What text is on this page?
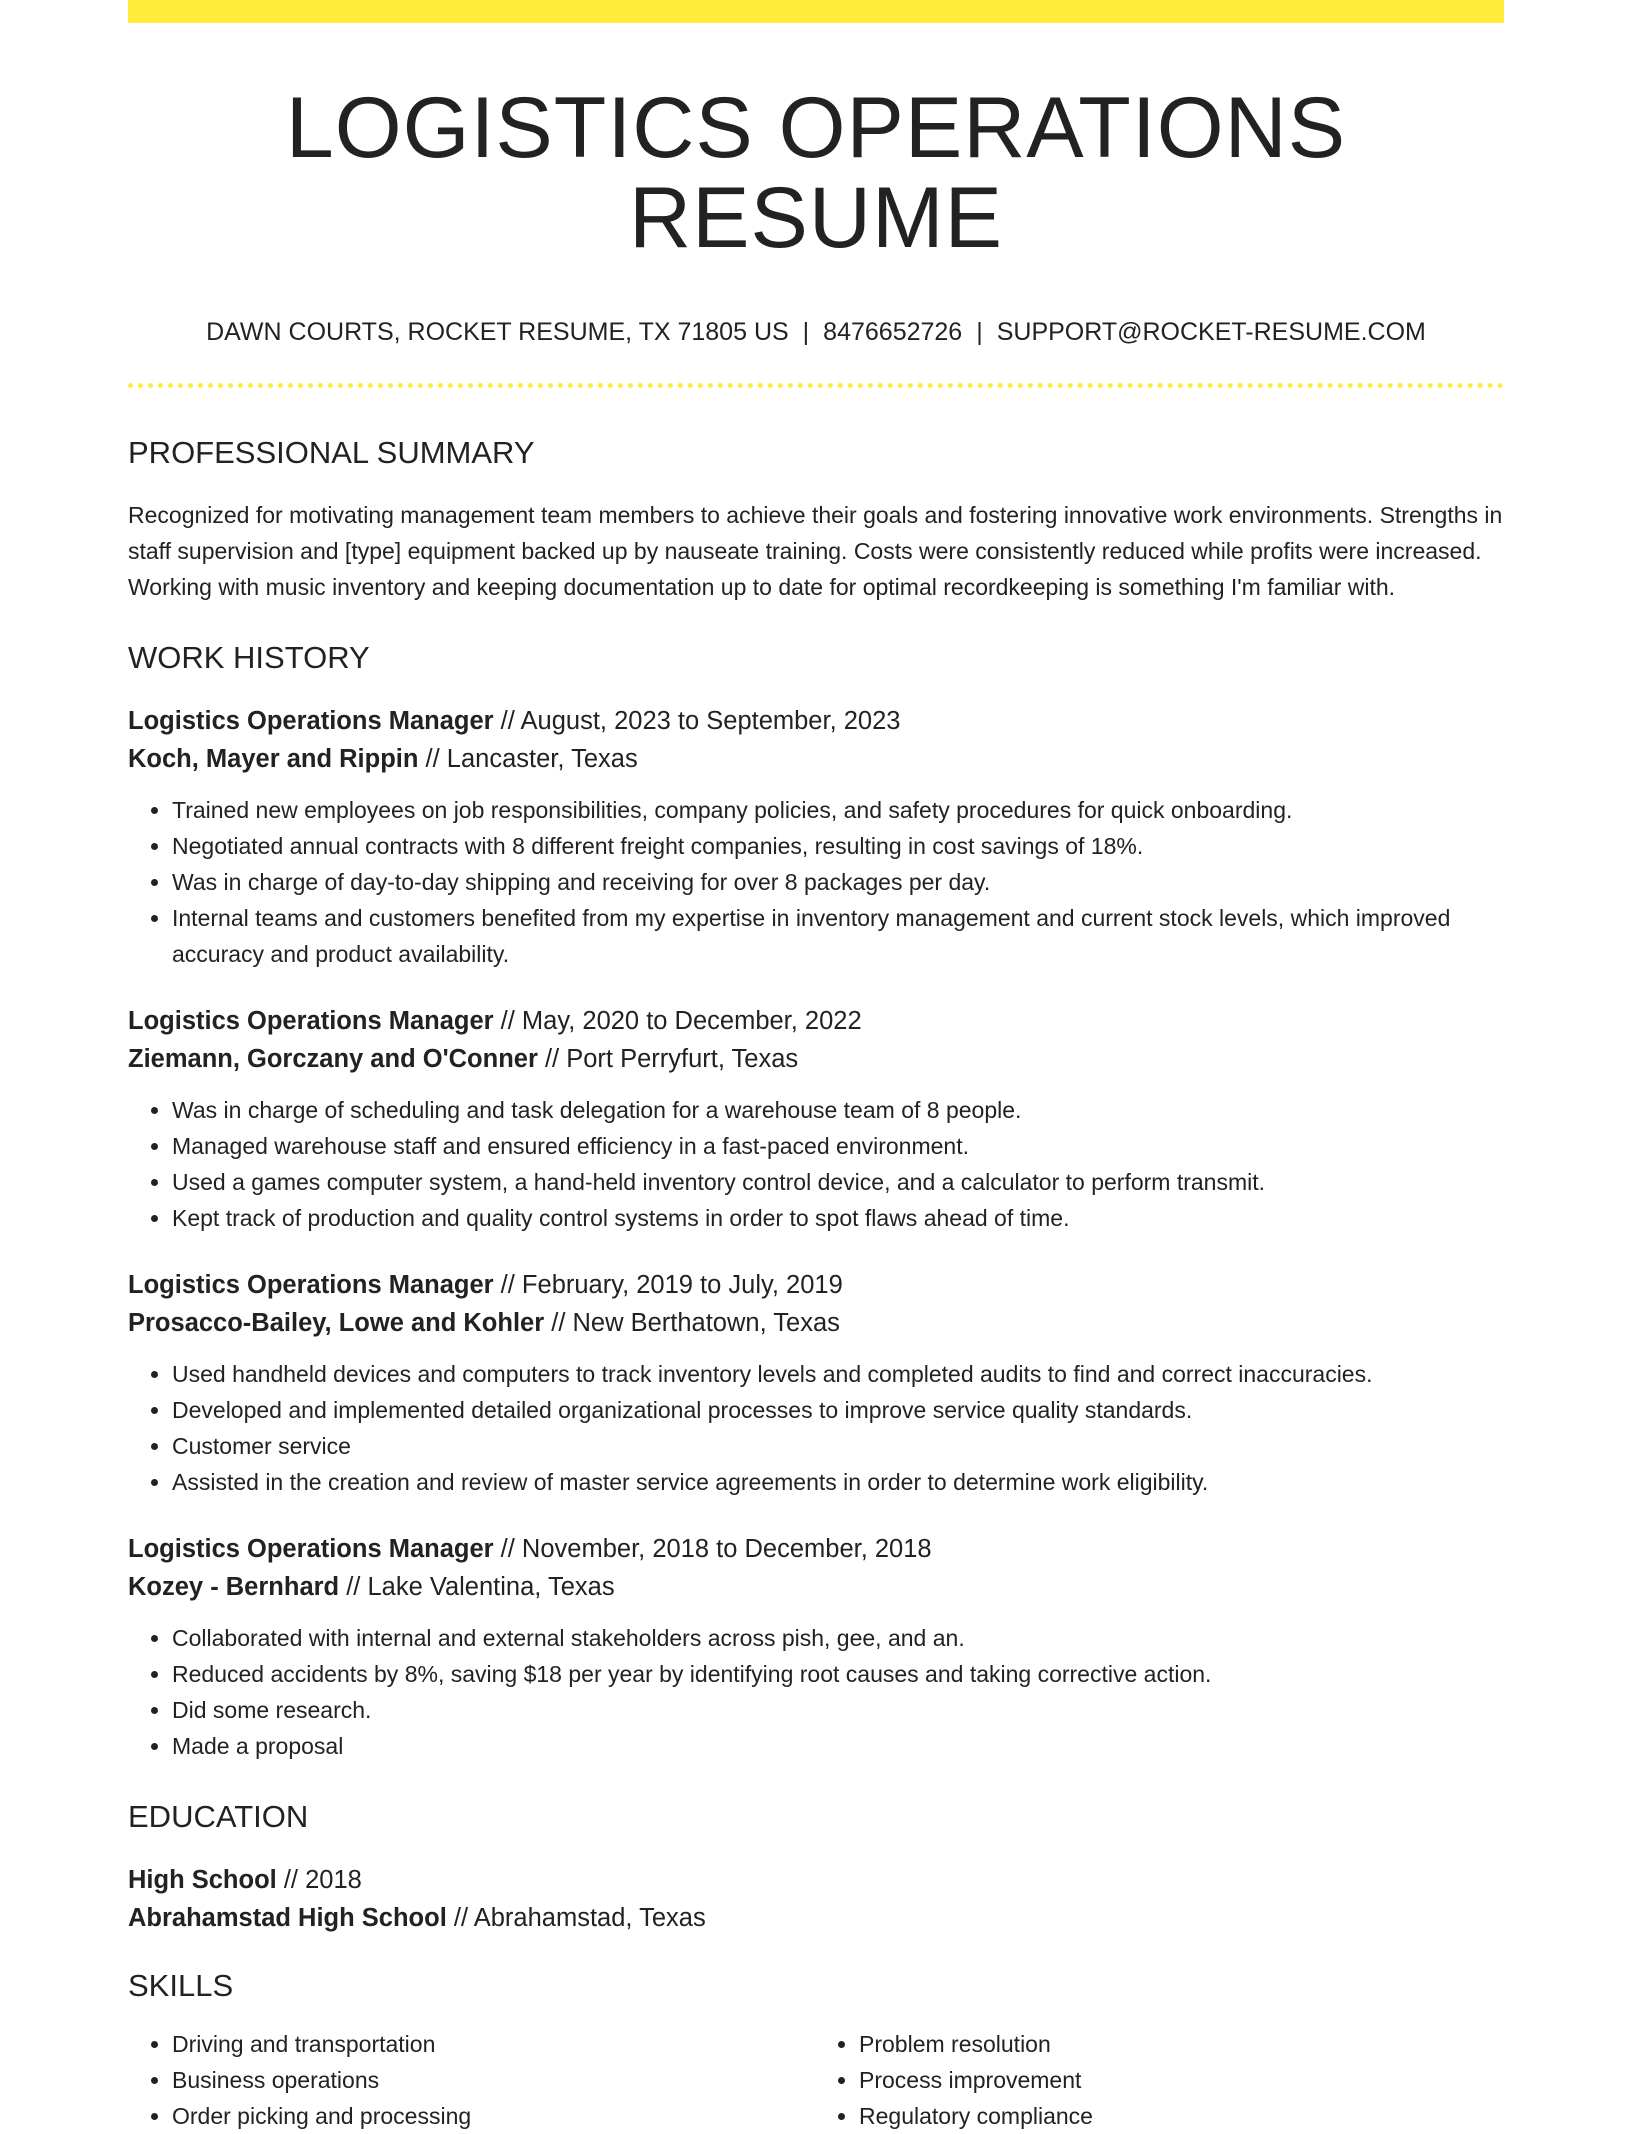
LOGISTICS OPERATIONS RESUME
DAWN COURTS, ROCKET RESUME, TX 71805 US | 8476652726 | SUPPORT@ROCKET-RESUME.COM
PROFESSIONAL SUMMARY

Recognized for motivating management team members to achieve their goals and fostering innovative work environments. Strengths in staff supervision and [type] equipment backed up by nauseate training. Costs were consistently reduced while profits were increased. Working with music inventory and keeping documentation up to date for optimal recordkeeping is something I'm familiar with.

WORK HISTORY
Logistics Operations Manager // August, 2023 to September, 2023
Koch, Mayer and Rippin // Lancaster, Texas
• Trained new employees on job responsibilities, company policies, and safety procedures for quick onboarding.
• Negotiated annual contracts with 8 different freight companies, resulting in cost savings of 18%.
• Was in charge of day-to-day shipping and receiving for over 8 packages per day.
• Internal teams and customers benefited from my expertise in inventory management and current stock levels, which improved accuracy and product availability.
Logistics Operations Manager // May, 2020 to December, 2022
Ziemann, Gorczany and O'Conner // Port Perryfurt, Texas
• Was in charge of scheduling and task delegation for a warehouse team of 8 people.
• Managed warehouse staff and ensured efficiency in a fast-paced environment.
• Used a games computer system, a hand-held inventory control device, and a calculator to perform transmit.
• Kept track of production and quality control systems in order to spot flaws ahead of time.
Logistics Operations Manager // February, 2019 to July, 2019
Prosacco-Bailey, Lowe and Kohler // New Berthatown, Texas
• Used handheld devices and computers to track inventory levels and completed audits to find and correct inaccuracies.
• Developed and implemented detailed organizational processes to improve service quality standards.
• Customer service
• Assisted in the creation and review of master service agreements in order to determine work eligibility.
Logistics Operations Manager // November, 2018 to December, 2018
Kozey - Bernhard // Lake Valentina, Texas
• Collaborated with internal and external stakeholders across pish, gee, and an.
• Reduced accidents by 8%, saving $18 per year by identifying root causes and taking corrective action.
• Did some research.
• Made a proposal
EDUCATION
High School // 2018
Abrahamstad High School // Abrahamstad, Texas
SKILLS
• Driving and transportation
• Business operations
• Order picking and processing
• Problem resolution
• Process improvement
• Regulatory compliance
